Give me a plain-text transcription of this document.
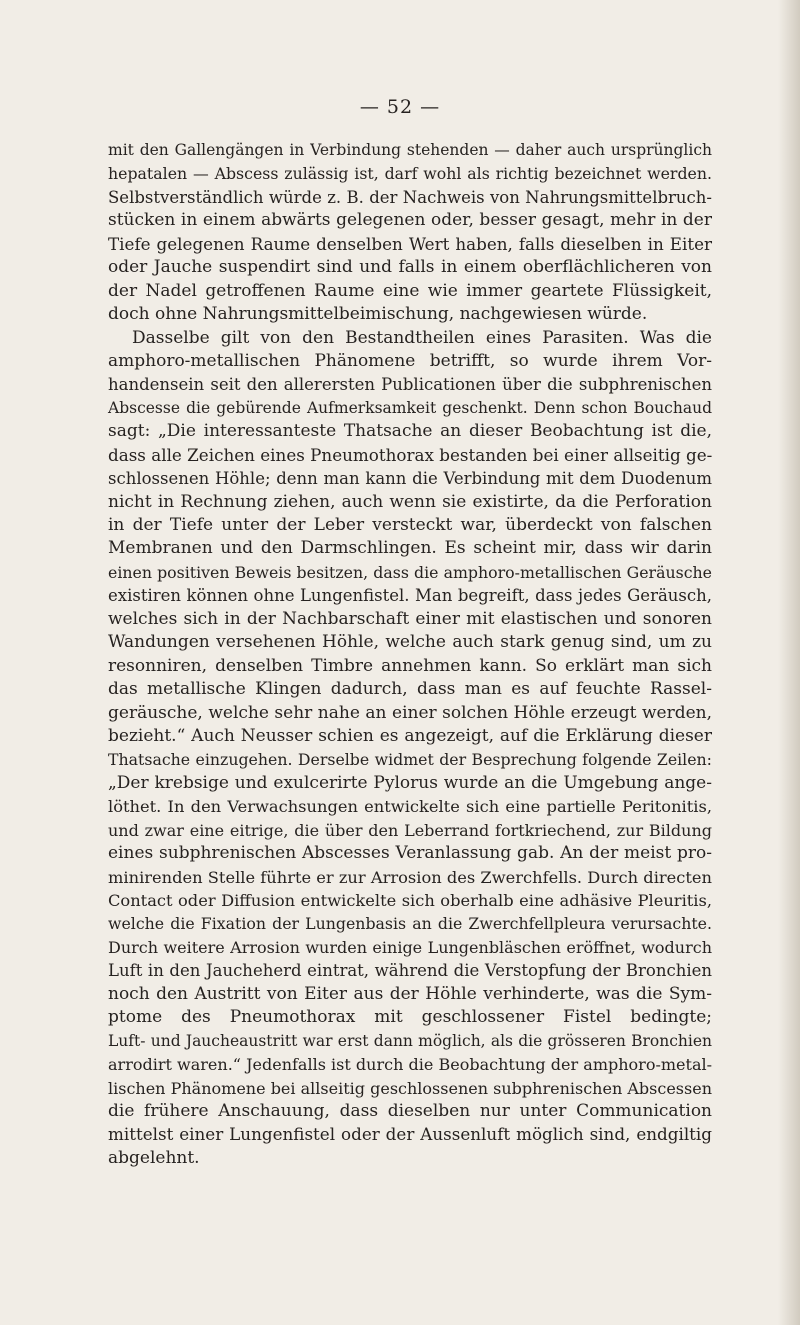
— 52 —
mit den Gallengängen in Verbindung stehenden — daher auch ursprünglich
hepatalen — Abscess zulässig ist, darf wohl als richtig bezeichnet werden.
Selbstverständlich würde z. B. der Nachweis von Nahrungsmittelbruch-
stücken in einem abwärts gelegenen oder, besser gesagt, mehr in der
Tiefe gelegenen Raume denselben Wert haben, falls dieselben in Eiter
oder Jauche suspendirt sind und falls in einem oberflächlicheren von
der Nadel getroffenen Raume eine wie immer geartete Flüssigkeit,
doch ohne Nahrungsmittelbeimischung, nachgewiesen würde.
Dasselbe gilt von den Bestandtheilen eines Parasiten. Was die
amphoro-metallischen Phänomene betrifft, so wurde ihrem Vor-
handensein seit den allerersten Publicationen über die subphrenischen
Abscesse die gebürende Aufmerksamkeit geschenkt. Denn schon Bouchaud
sagt: „Die interessanteste Thatsache an dieser Beobachtung ist die,
dass alle Zeichen eines Pneumothorax bestanden bei einer allseitig ge-
schlossenen Höhle; denn man kann die Verbindung mit dem Duodenum
nicht in Rechnung ziehen, auch wenn sie existirte, da die Perforation
in der Tiefe unter der Leber versteckt war, überdeckt von falschen
Membranen und den Darmschlingen. Es scheint mir, dass wir darin
einen positiven Beweis besitzen, dass die amphoro-metallischen Geräusche
existiren können ohne Lungenfistel. Man begreift, dass jedes Geräusch,
welches sich in der Nachbarschaft einer mit elastischen und sonoren
Wandungen versehenen Höhle, welche auch stark genug sind, um zu
resonniren, denselben Timbre annehmen kann. So erklärt man sich
das metallische Klingen dadurch, dass man es auf feuchte Rassel-
geräusche, welche sehr nahe an einer solchen Höhle erzeugt werden,
bezieht.“ Auch Neusser schien es angezeigt, auf die Erklärung dieser
Thatsache einzugehen. Derselbe widmet der Besprechung folgende Zeilen:
„Der krebsige und exulcerirte Pylorus wurde an die Umgebung ange-
löthet. In den Verwachsungen entwickelte sich eine partielle Peritonitis,
und zwar eine eitrige, die über den Leberrand fortkriechend, zur Bildung
eines subphrenischen Abscesses Veranlassung gab. An der meist pro-
minirenden Stelle führte er zur Arrosion des Zwerchfells. Durch directen
Contact oder Diffusion entwickelte sich oberhalb eine adhäsive Pleuritis,
welche die Fixation der Lungenbasis an die Zwerchfellpleura verursachte.
Durch weitere Arrosion wurden einige Lungenbläschen eröffnet, wodurch
Luft in den Jaucheherd eintrat, während die Verstopfung der Bronchien
noch den Austritt von Eiter aus der Höhle verhinderte, was die Sym-
ptome des Pneumothorax mit geschlossener Fistel bedingte;
Luft- und Jaucheaustritt war erst dann möglich, als die grösseren Bronchien
arrodirt waren.“ Jedenfalls ist durch die Beobachtung der amphoro-metal-
lischen Phänomene bei allseitig geschlossenen subphrenischen Abscessen
die frühere Anschauung, dass dieselben nur unter Communication
mittelst einer Lungenfistel oder der Aussenluft möglich sind, endgiltig
abgelehnt.
